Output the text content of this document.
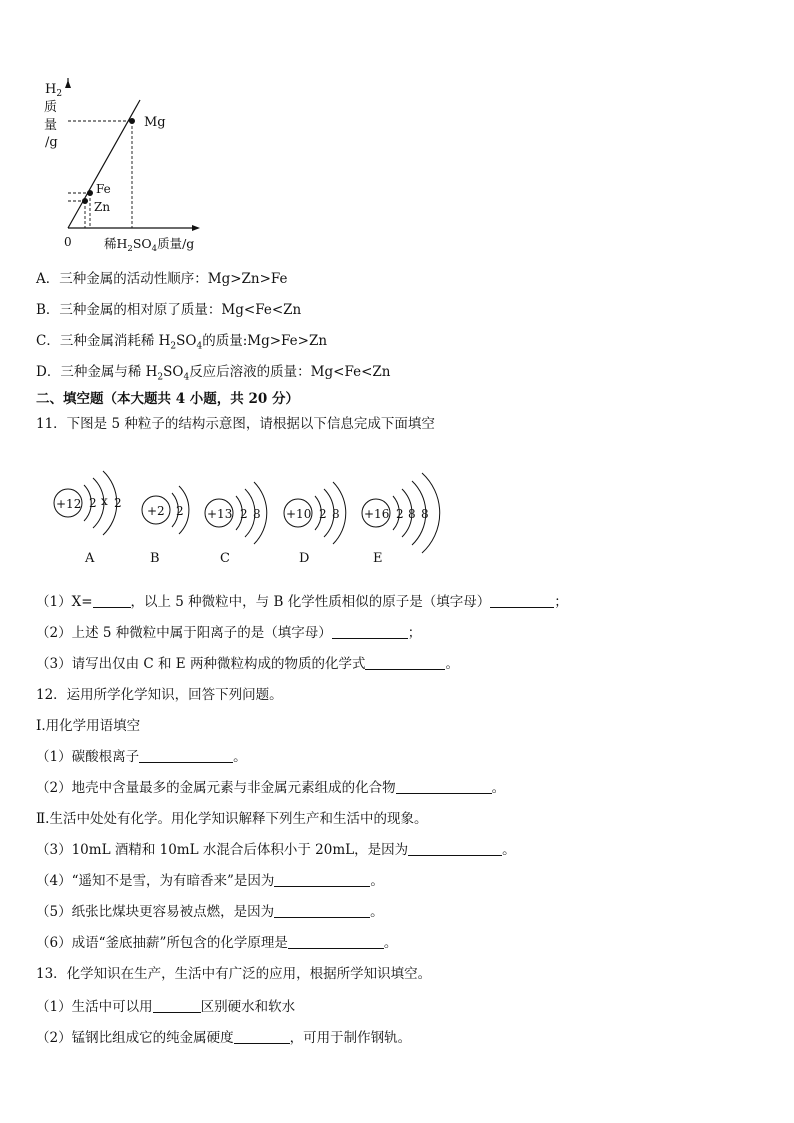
Mg
Fe
Zn
0
$H_2$
质
量
/g
稀$H_2SO_4$质量/g
A．三种金属的活动性顺序：Mg>Zn>Fe
B．三种金属的相对原了质量：Mg<Fe<Zn
C．三种金属消耗稀 $H_2SO_4$的质量:Mg>Fe>Zn
D．三种金属与稀 $H_2SO_4$反应后溶液的质量：Mg<Fe<Zn
二、填空题（本大题共 4 小题，共 20 分）
11．下图是 5 种粒子的结构示意图，请根据以下信息完成下面填空
+12 2 x 2
A
+2 2
B
+13 2 8
C
+10 2 8
D
+16 2 8 8
E
（1）X=	，以上 5 种微粒中，与 B 化学性质相似的原子是（填字母）	；
（2）上述 5 种微粒中属于阳离子的是（填字母）	；
（3）请写出仅由 C 和 E 两种微粒构成的物质的化学式	。
12．运用所学化学知识，回答下列问题。
Ⅰ.用化学用语填空
（1）碳酸根离子	。
（2）地壳中含量最多的金属元素与非金属元素组成的化合物	。
Ⅱ.生活中处处有化学。用化学知识解释下列生产和生活中的现象。
（3）10mL 酒精和 10mL 水混合后体积小于 20mL，是因为	。
（4）“遥知不是雪，为有暗香来”是因为	。
（5）纸张比煤块更容易被点燃，是因为	。
（6）成语“釜底抽薪”所包含的化学原理是	。
13．化学知识在生产，生活中有广泛的应用，根据所学知识填空。
（1）生活中可以用	区别硬水和软水
（2）锰钢比组成它的纯金属硬度	，可用于制作钢轨。
